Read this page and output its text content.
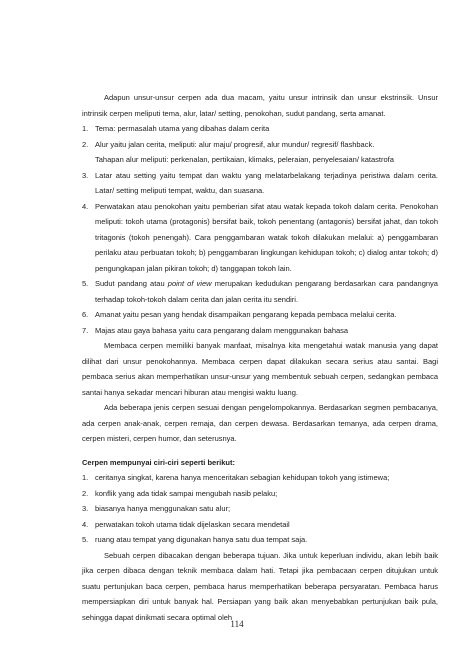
Adapun unsur-unsur cerpen ada dua macam, yaitu unsur intrinsik dan unsur ekstrinsik. Unsur intrinsik cerpen meliputi tema, alur, latar/ setting, penokohan, sudut pandang, serta amanat.

1. Tema: permasalah utama yang dibahas dalam cerita
2. Alur yaitu jalan cerita, meliputi: alur maju/ progresif, alur mundur/ regresif/ flashback.

Tahapan alur meliputi: perkenalan, pertikaian, klimaks, peleraian, penyelesaian/ katastrofa

3. Latar atau setting yaitu tempat dan waktu yang melatarbelakang terjadinya peristiwa dalam cerita. Latar/ setting meliputi tempat, waktu, dan suasana.
4. Perwatakan atau penokohan yaitu pemberian sifat atau watak kepada tokoh dalam cerita. Penokohan meliputi: tokoh utama (protagonis) bersifat baik, tokoh penentang (antagonis) bersifat jahat, dan tokoh tritagonis (tokoh penengah). Cara penggambaran watak tokoh dilakukan melalui: a) penggambaran perilaku atau perbuatan tokoh; b) penggambaran lingkungan kehidupan tokoh; c) dialog antar tokoh; d) pengungkapan jalan pikiran tokoh; d) tanggapan tokoh lain.
5. Sudut pandang atau point of view merupakan kedudukan pengarang berdasarkan cara pandangnya terhadap tokoh-tokoh dalam cerita dan jalan cerita itu sendiri.
6. Amanat yaitu pesan yang hendak disampaikan pengarang kepada pembaca melalui cerita.
7. Majas atau gaya bahasa yaitu cara pengarang dalam menggunakan bahasa

Membaca cerpen memiliki banyak manfaat, misalnya kita mengetahui watak manusia yang dapat dilihat dari unsur penokohannya. Membaca cerpen dapat dilakukan secara serius atau santai. Bagi pembaca serius akan memperhatikan unsur-unsur yang membentuk sebuah cerpen, sedangkan pembaca santai hanya sekadar mencari hiburan atau mengisi waktu luang.

Ada beberapa jenis cerpen sesuai dengan pengelompokannya. Berdasarkan segmen pembacanya, ada cerpen anak-anak, cerpen remaja, dan cerpen dewasa. Berdasarkan temanya, ada cerpen drama, cerpen misteri, cerpen humor, dan seterusnya.

Cerpen mempunyai ciri-ciri seperti berikut:

1. ceritanya singkat, karena hanya menceritakan sebagian kehidupan tokoh yang istimewa;
2. konflik yang ada tidak sampai mengubah nasib pelaku;
3. biasanya hanya menggunakan satu alur;
4. perwatakan tokoh utama tidak dijelaskan secara mendetail
5. ruang atau tempat yang digunakan hanya satu dua tempat saja.

Sebuah cerpen dibacakan dengan beberapa tujuan. Jika untuk keperluan individu, akan lebih baik jika cerpen dibaca dengan teknik membaca dalam hati. Tetapi jika pembacaan cerpen ditujukan untuk suatu pertunjukan baca cerpen, pembaca harus memperhatikan beberapa persyaratan. Pembaca harus mempersiapkan diri untuk banyak hal. Persiapan yang baik akan menyebabkan pertunjukan baik pula, sehingga dapat dinikmati secara optimal oleh

114
